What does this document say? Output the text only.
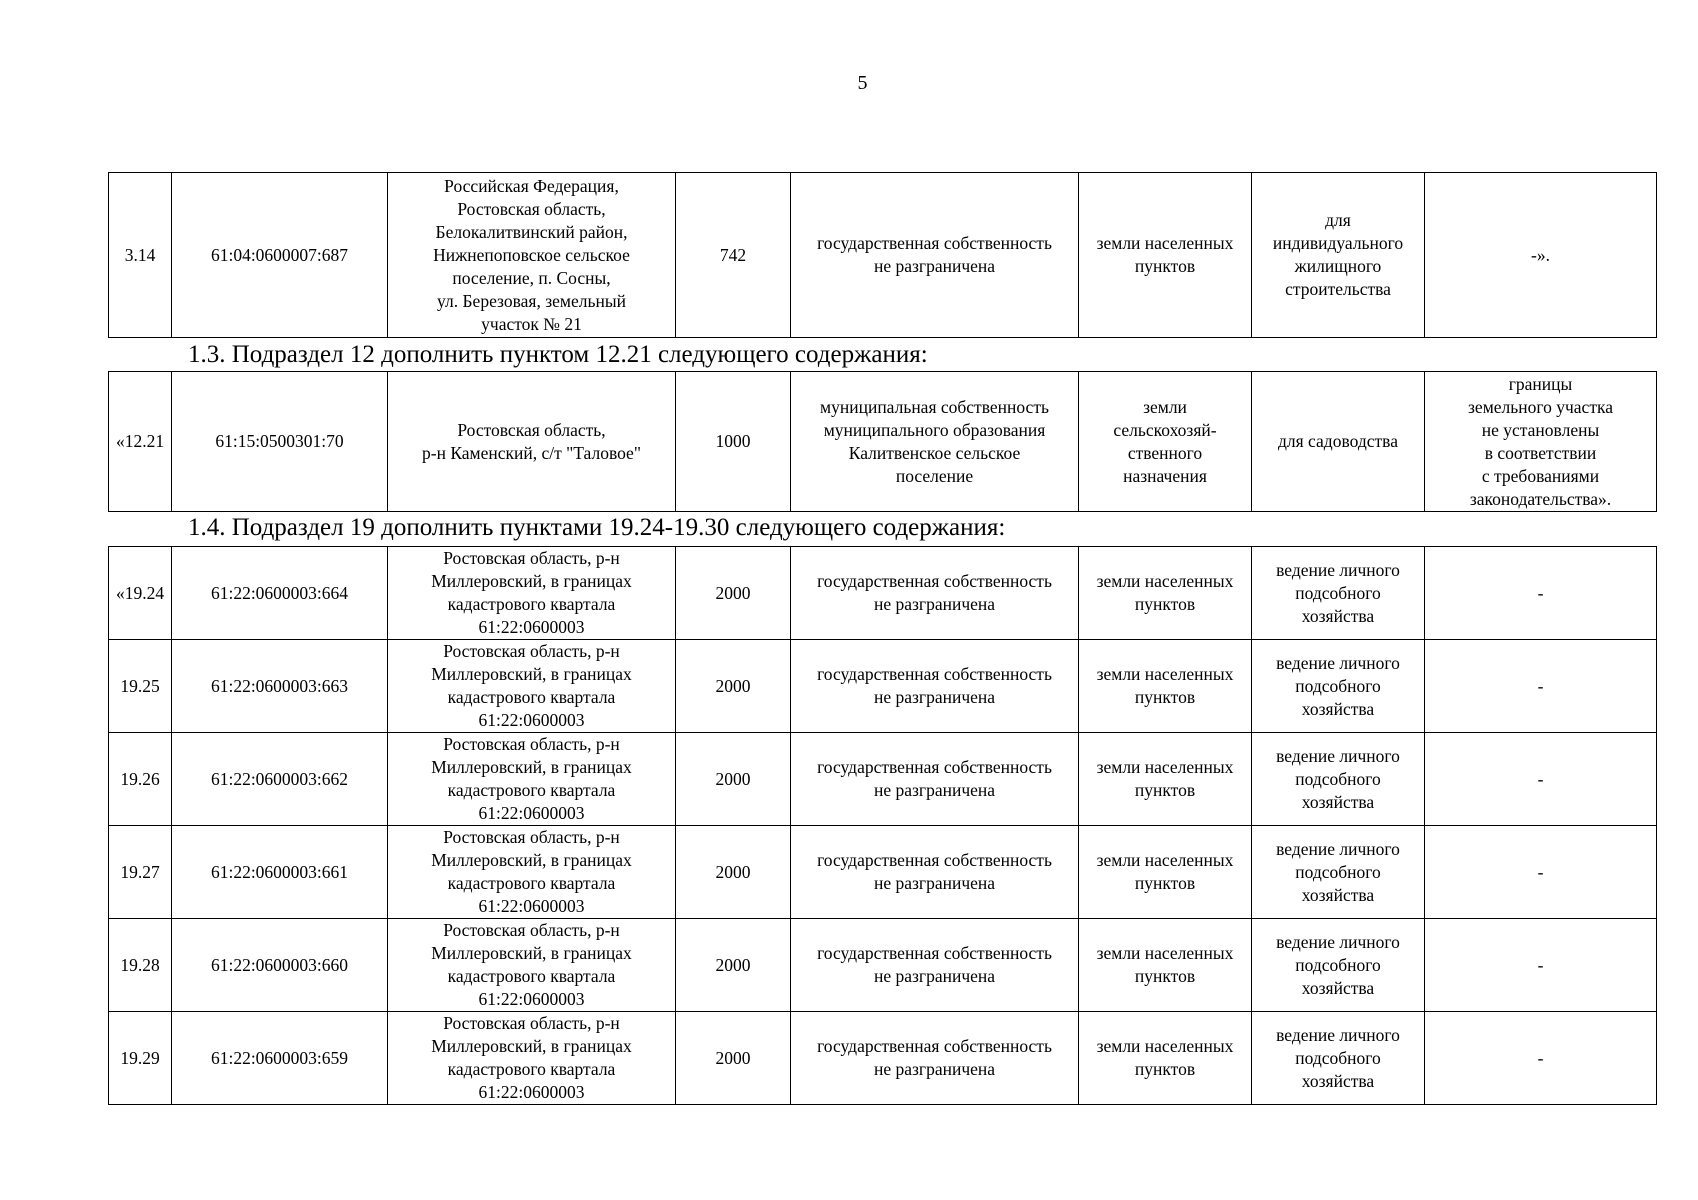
5
3.14	61:04:0600007:687	Российская Федерация,
Ростовская область,
Белокалитвинский район,
Нижнепоповское сельское
поселение, п. Сосны,
ул. Березовая, земельный
участок № 21	742	государственная собственность
не разграничена	земли населенных
пунктов	для
индивидуального
жилищного
строительства	-».
1.3. Подраздел 12 дополнить пунктом 12.21 следующего содержания:
«12.21	61:15:0500301:70	Ростовская область,
р-н Каменский, с/т "Таловое"	1000	муниципальная собственность
муниципального образования
Калитвенское сельское
поселение	земли
сельскохозяй-
ственного
назначения	для садоводства	границы
земельного участка
не установлены
в соответствии
с требованиями
законодательства».
1.4. Подраздел 19 дополнить пунктами 19.24-19.30 следующего содержания:
«19.24	61:22:0600003:664	Ростовская область, р-н
Миллеровский, в границах
кадастрового квартала
61:22:0600003	2000	государственная собственность
не разграничена	земли населенных
пунктов	ведение личного
подсобного
хозяйства	-
19.25	61:22:0600003:663	Ростовская область, р-н
Миллеровский, в границах
кадастрового квартала
61:22:0600003	2000	государственная собственность
не разграничена	земли населенных
пунктов	ведение личного
подсобного
хозяйства	-
19.26	61:22:0600003:662	Ростовская область, р-н
Миллеровский, в границах
кадастрового квартала
61:22:0600003	2000	государственная собственность
не разграничена	земли населенных
пунктов	ведение личного
подсобного
хозяйства	-
19.27	61:22:0600003:661	Ростовская область, р-н
Миллеровский, в границах
кадастрового квартала
61:22:0600003	2000	государственная собственность
не разграничена	земли населенных
пунктов	ведение личного
подсобного
хозяйства	-
19.28	61:22:0600003:660	Ростовская область, р-н
Миллеровский, в границах
кадастрового квартала
61:22:0600003	2000	государственная собственность
не разграничена	земли населенных
пунктов	ведение личного
подсобного
хозяйства	-
19.29	61:22:0600003:659	Ростовская область, р-н
Миллеровский, в границах
кадастрового квартала
61:22:0600003	2000	государственная собственность
не разграничена	земли населенных
пунктов	ведение личного
подсобного
хозяйства	-
